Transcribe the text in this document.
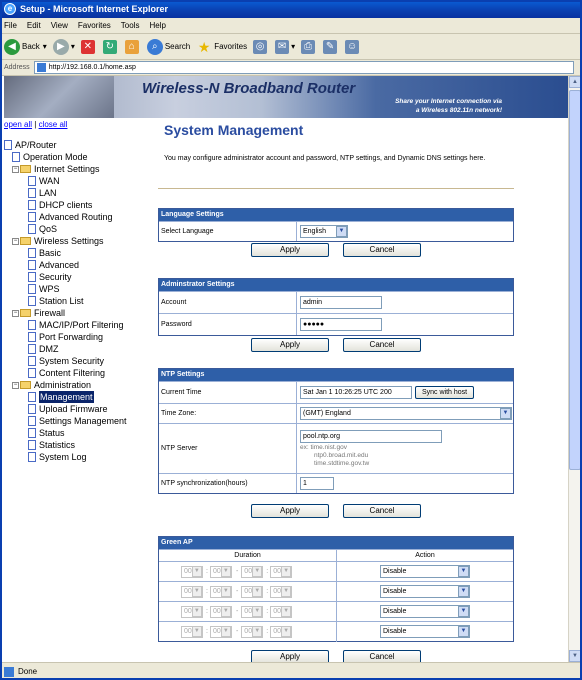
e Setup - Microsoft Internet Explorer
File Edit View Favorites Tools Help
◀ Back ▾	▶ ▾ ✕ ↻	⌂	⌕ Search ★ Favorites ◎ ✉ ▾ ⎙	✎ ☺
Address	http://192.168.0.1/home.asp
Wireless-N Broadband Router
Share your Internet connection via
a Wireless 802.11n network!
open all | close all
AP/Router
Operation Mode
− Internet Settings
WAN
LAN
DHCP clients
Advanced Routing
QoS
− Wireless Settings
Basic
Advanced
Security
WPS
Station List
− Firewall
MAC/IP/Port Filtering
Port Forwarding
DMZ
System Security
Content Filtering
− Administration
Management
Upload Firmware
Settings Management
Status
Statistics
System Log
System Management
You may configure administrator account and password, NTP settings, and Dynamic DNS settings here.
Language Settings
Select Language	English	▼
Apply	Cancel
Adminstrator Settings
Account	admin
Password	●●●●●
Apply	Cancel
NTP Settings
Current Time	Sat Jan 1 10:26:25 UTC 200	Sync with host
Time Zone:	(GMT) England	▼
NTP Server
pool.ntp.org
ex: time.nist.gov
ntp0.broad.mit.edu
time.stdtime.gov.tw
NTP synchronization(hours)	1
Apply	Cancel
Green AP
Duration	Action
00 ▼ : 00 ▼	- 00 ▼ : 00 ▼	Disable	▼
00 ▼ : 00 ▼	- 00 ▼ : 00 ▼	Disable	▼
00 ▼ : 00 ▼	- 00 ▼ : 00 ▼	Disable	▼
00 ▼ : 00 ▼	- 00 ▼ : 00 ▼	Disable	▼
Apply	Cancel
▲
▼
Done
